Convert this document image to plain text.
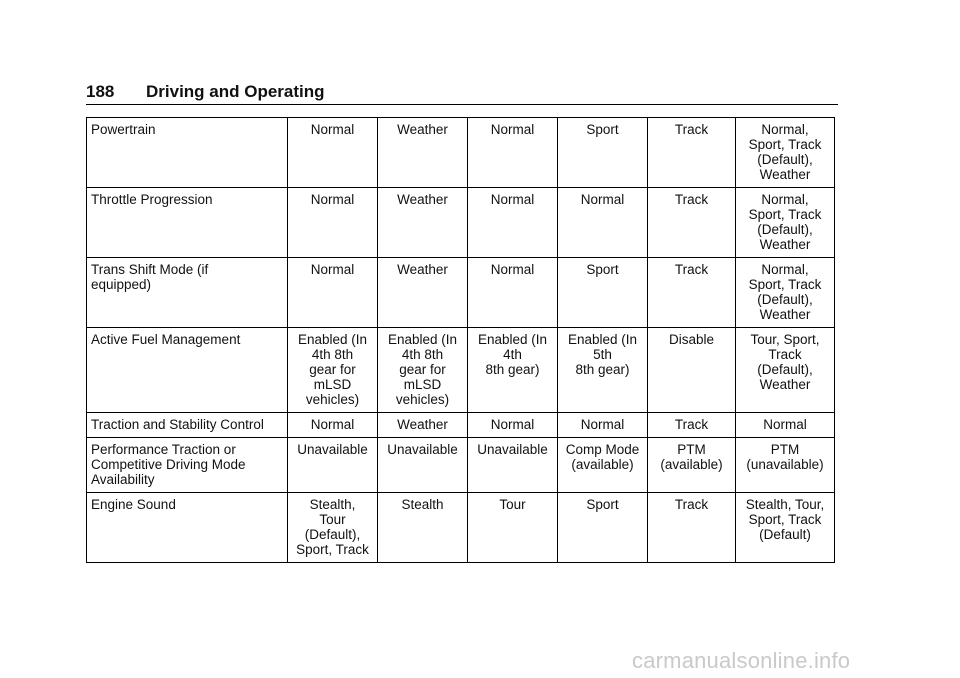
188 Driving and Operating
Powertrain	Normal	Weather	Normal	Sport	Track	Normal,
Sport, Track
(Default),
Weather
Throttle Progression	Normal	Weather	Normal	Normal	Track	Normal,
Sport, Track
(Default),
Weather
Trans Shift Mode (if
equipped)	Normal	Weather	Normal	Sport	Track	Normal,
Sport, Track
(Default),
Weather
Active Fuel Management	Enabled (In
4th 8th
gear for
mLSD
vehicles)	Enabled (In
4th 8th
gear for
mLSD
vehicles)	Enabled (In
4th
8th gear)	Enabled (In
5th
8th gear)	Disable	Tour, Sport,
Track
(Default),
Weather
Traction and Stability Control	Normal	Weather	Normal	Normal	Track	Normal
Performance Traction or
Competitive Driving Mode
Availability	Unavailable	Unavailable	Unavailable	Comp Mode
(available)	PTM
(available)	PTM
(unavailable)
Engine Sound	Stealth,
Tour
(Default),
Sport, Track	Stealth	Tour	Sport	Track	Stealth, Tour,
Sport, Track
(Default)
carmanualsonline.info
